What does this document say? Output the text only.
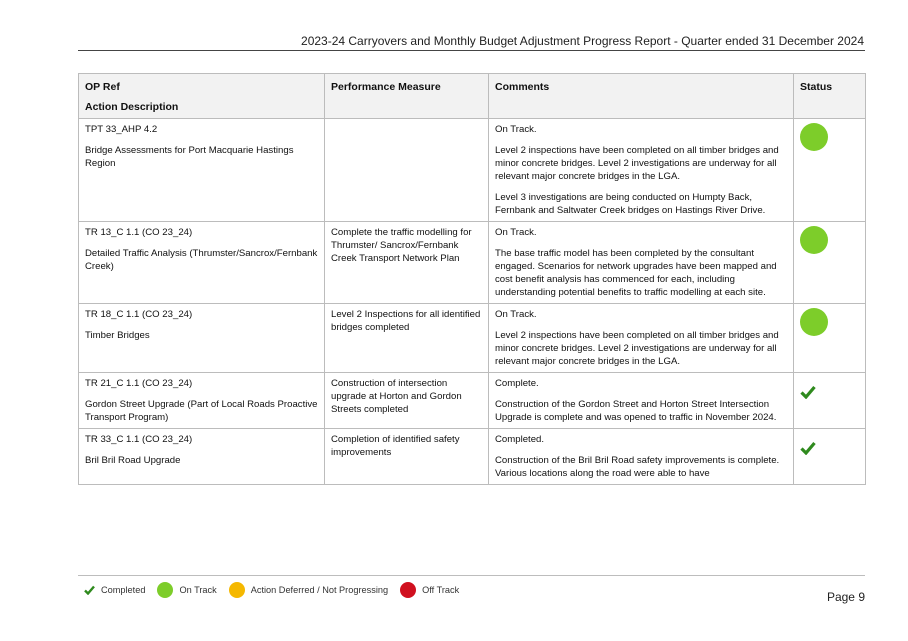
2023-24 Carryovers and Monthly Budget Adjustment Progress Report - Quarter ended 31 December 2024
OP Ref
Action Description	Performance Measure	Comments	Status

TPT 33_AHP 4.2
Bridge Assessments for Port Macquarie Hastings Region		On Track.
Level 2 inspections have been completed on all timber bridges and minor concrete bridges. Level 2 investigations are underway for all relevant major concrete bridges in the LGA.
Level 3 investigations are being conducted on Humpty Back, Fernbank and Saltwater Creek bridges on Hastings River Drive.	

TR 13_C 1.1 (CO 23_24)
Detailed Traffic Analysis (Thrumster/Sancrox/Fernbank Creek)	Complete the traffic modelling for Thrumster/ Sancrox/Fernbank Creek Transport Network Plan	On Track.
The base traffic model has been completed by the consultant engaged. Scenarios for network upgrades have been mapped and cost benefit analysis has commenced for each, including understanding potential benefits to traffic modelling at each site.	

TR 18_C 1.1 (CO 23_24)
Timber Bridges	Level 2 Inspections for all identified bridges completed	On Track.
Level 2 inspections have been completed on all timber bridges and minor concrete bridges. Level 2 investigations are underway for all relevant major concrete bridges in the LGA.	

TR 21_C 1.1 (CO 23_24)
Gordon Street Upgrade (Part of Local Roads Proactive Transport Program)	Construction of intersection upgrade at Horton and Gordon Streets completed	Complete.
Construction of the Gordon Street and Horton Street Intersection Upgrade is complete and was opened to traffic in November 2024.

TR 33_C 1.1 (CO 23_24)
Bril Bril Road Upgrade	Completion of identified safety improvements	Completed.
Construction of the Bril Bril Road safety improvements is complete. Various locations along the road were able to have

Completed	On Track	Action Deferred / Not Progressing	Off Track	Page 9
